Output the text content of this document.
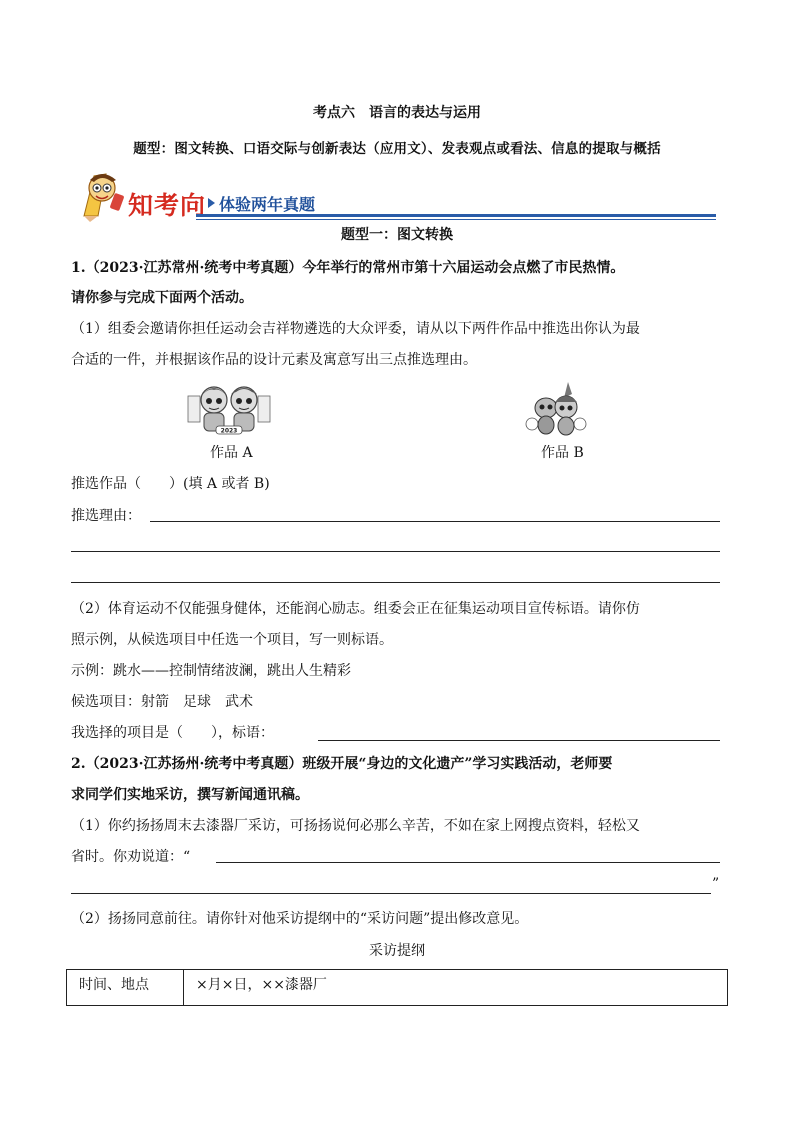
考点六　语言的表达与运用
题型：图文转换、口语交际与创新表达（应用文）、发表观点或看法、信息的提取与概括
知考向 体验两年真题
题型一：图文转换
1.（2023·江苏常州·统考中考真题）今年举行的常州市第十六届运动会点燃了市民热情。
请你参与完成下面两个活动。
（1）组委会邀请你担任运动会吉祥物遴选的大众评委，请从以下两件作品中推选出你认为最
合适的一件，并根据该作品的设计元素及寓意写出三点推选理由。
2023
作品 A	作品 B
推选作品（　　）(填 A 或者 B)
推选理由：
（2）体育运动不仅能强身健体，还能润心励志。组委会正在征集运动项目宣传标语。请你仿
照示例，从候选项目中任选一个项目，写一则标语。
示例：跳水——控制情绪波澜，跳出人生精彩
候选项目：射箭　足球　武术
我选择的项目是（　　），标语：
2.（2023·江苏扬州·统考中考真题）班级开展“身边的文化遗产”学习实践活动，老师要
求同学们实地采访，撰写新闻通讯稿。
（1）你约扬扬周末去漆器厂采访，可扬扬说何必那么辛苦，不如在家上网搜点资料，轻松又
省时。你劝说道：“
”
（2）扬扬同意前往。请你针对他采访提纲中的“采访问题”提出修改意见。
采访提纲
时间、地点	×月×日，××漆器厂
